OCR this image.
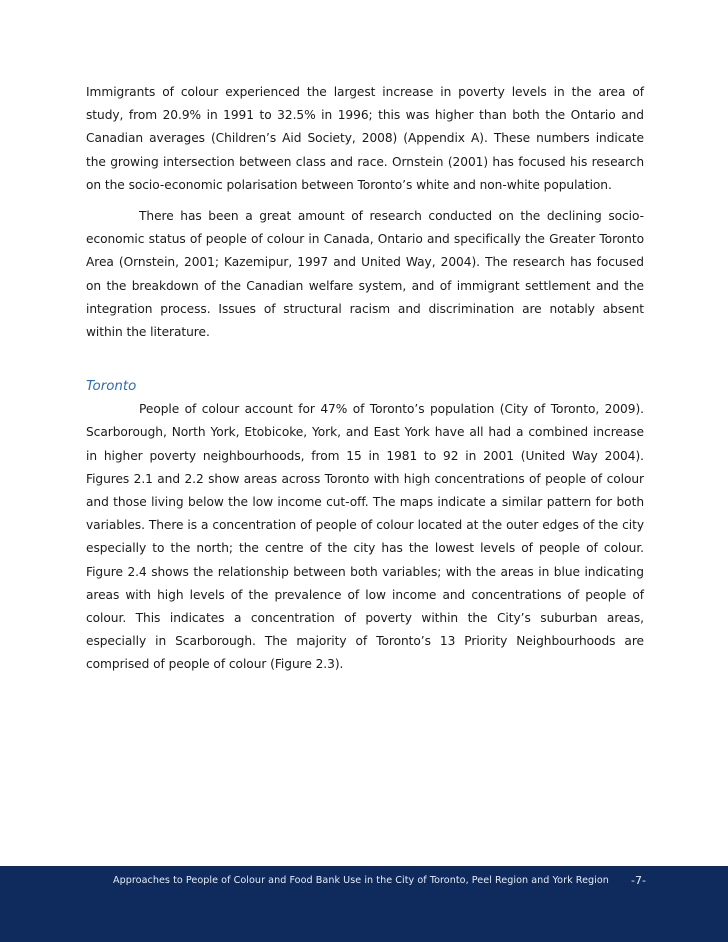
Immigrants of colour experienced the largest increase in poverty levels in the area of study, from 20.9% in 1991 to 32.5% in 1996; this was higher than both the Ontario and Canadian averages (Children’s Aid Society, 2008) (Appendix A). These numbers indicate the growing intersection between class and race. Ornstein (2001) has focused his research on the socio-economic polarisation between Toronto’s white and non-white population.

There has been a great amount of research conducted on the declining socio-economic status of people of colour in Canada, Ontario and specifically the Greater Toronto Area (Ornstein, 2001; Kazemipur, 1997 and United Way, 2004). The research has focused on the breakdown of the Canadian welfare system, and of immigrant settlement and the integration process. Issues of structural racism and discrimination are notably absent within the literature.

Toronto

People of colour account for 47% of Toronto’s population (City of Toronto, 2009). Scarborough, North York, Etobicoke, York, and East York have all had a combined increase in higher poverty neighbourhoods, from 15 in 1981 to 92 in 2001 (United Way 2004). Figures 2.1 and 2.2 show areas across Toronto with high concentrations of people of colour and those living below the low income cut-off. The maps indicate a similar pattern for both variables. There is a concentration of people of colour located at the outer edges of the city especially to the north; the centre of the city has the lowest levels of people of colour. Figure 2.4 shows the relationship between both variables; with the areas in blue indicating areas with high levels of the prevalence of low income and concentrations of people of colour. This indicates a concentration of poverty within the City’s suburban areas, especially in Scarborough. The majority of Toronto’s 13 Priority Neighbourhoods are comprised of people of colour (Figure 2.3).

Approaches to People of Colour and Food Bank Use in the City of Toronto, Peel Region and York Region -7-
